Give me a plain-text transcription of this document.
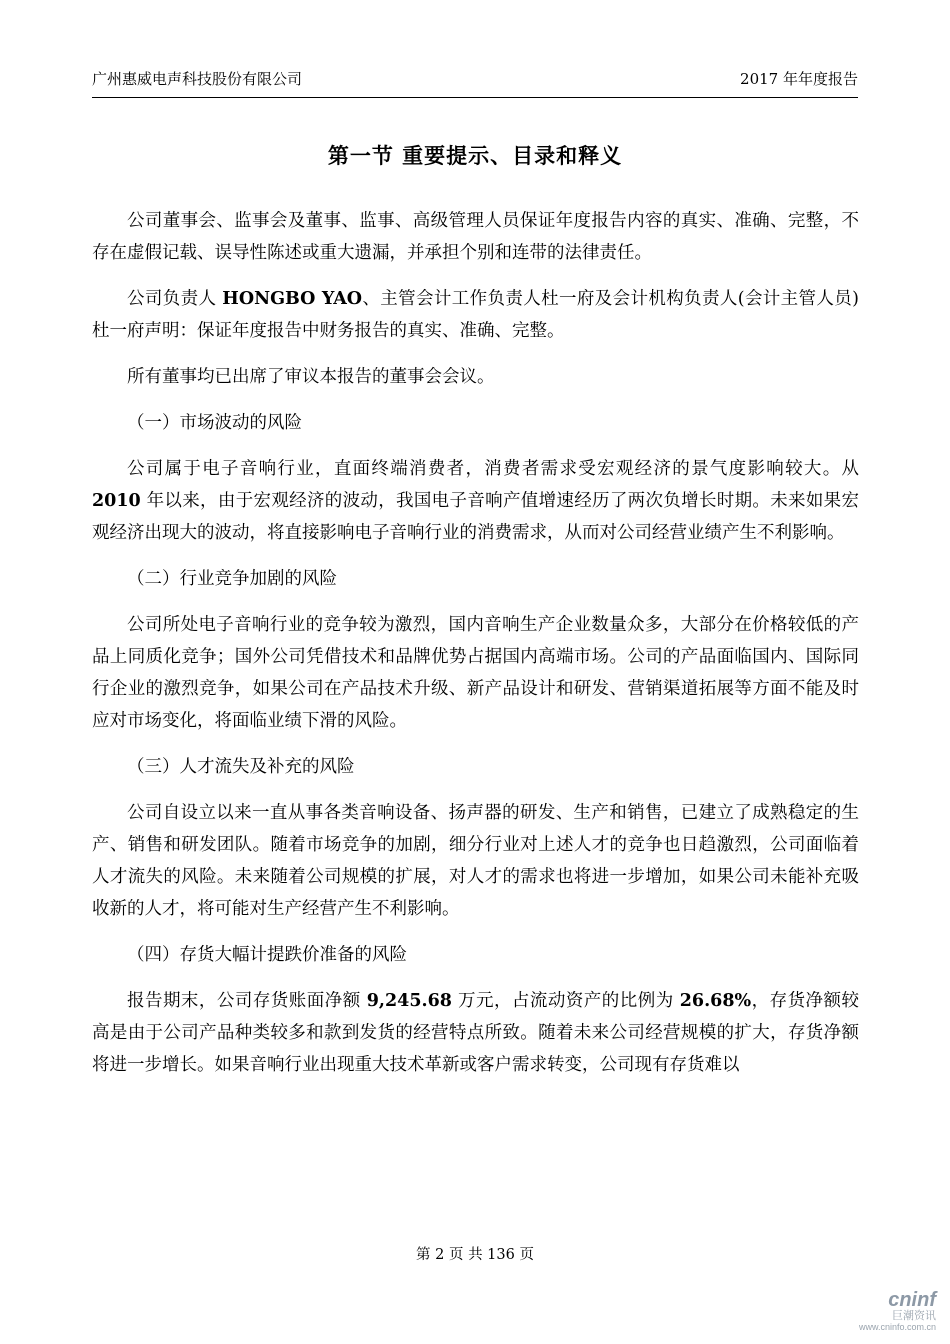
广州惠威电声科技股份有限公司	2017 年年度报告
第一节 重要提示、目录和释义

公司董事会、监事会及董事、监事、高级管理人员保证年度报告内容的真实、准确、完整，不存在虚假记载、误导性陈述或重大遗漏，并承担个别和连带的法律责任。

公司负责人 HONGBO YAO、主管会计工作负责人杜一府及会计机构负责人(会计主管人员)杜一府声明：保证年度报告中财务报告的真实、准确、完整。

所有董事均已出席了审议本报告的董事会会议。

（一）市场波动的风险

公司属于电子音响行业，直面终端消费者，消费者需求受宏观经济的景气度影响较大。从 2010 年以来，由于宏观经济的波动，我国电子音响产值增速经历了两次负增长时期。未来如果宏观经济出现大的波动，将直接影响电子音响行业的消费需求，从而对公司经营业绩产生不利影响。

（二）行业竞争加剧的风险

公司所处电子音响行业的竞争较为激烈，国内音响生产企业数量众多，大部分在价格较低的产品上同质化竞争；国外公司凭借技术和品牌优势占据国内高端市场。公司的产品面临国内、国际同行企业的激烈竞争，如果公司在产品技术升级、新产品设计和研发、营销渠道拓展等方面不能及时应对市场变化，将面临业绩下滑的风险。

（三）人才流失及补充的风险

公司自设立以来一直从事各类音响设备、扬声器的研发、生产和销售，已建立了成熟稳定的生产、销售和研发团队。随着市场竞争的加剧，细分行业对上述人才的竞争也日趋激烈，公司面临着人才流失的风险。未来随着公司规模的扩展，对人才的需求也将进一步增加，如果公司未能补充吸收新的人才，将可能对生产经营产生不利影响。

（四）存货大幅计提跌价准备的风险

报告期末，公司存货账面净额 9,245.68 万元，占流动资产的比例为 26.68%，存货净额较高是由于公司产品种类较多和款到发货的经营特点所致。随着未来公司经营规模的扩大，存货净额将进一步增长。如果音响行业出现重大技术革新或客户需求转变，公司现有存货难以

第 2 页 共 136 页
cninf
巨潮资讯
www.cninfo.com.cn
